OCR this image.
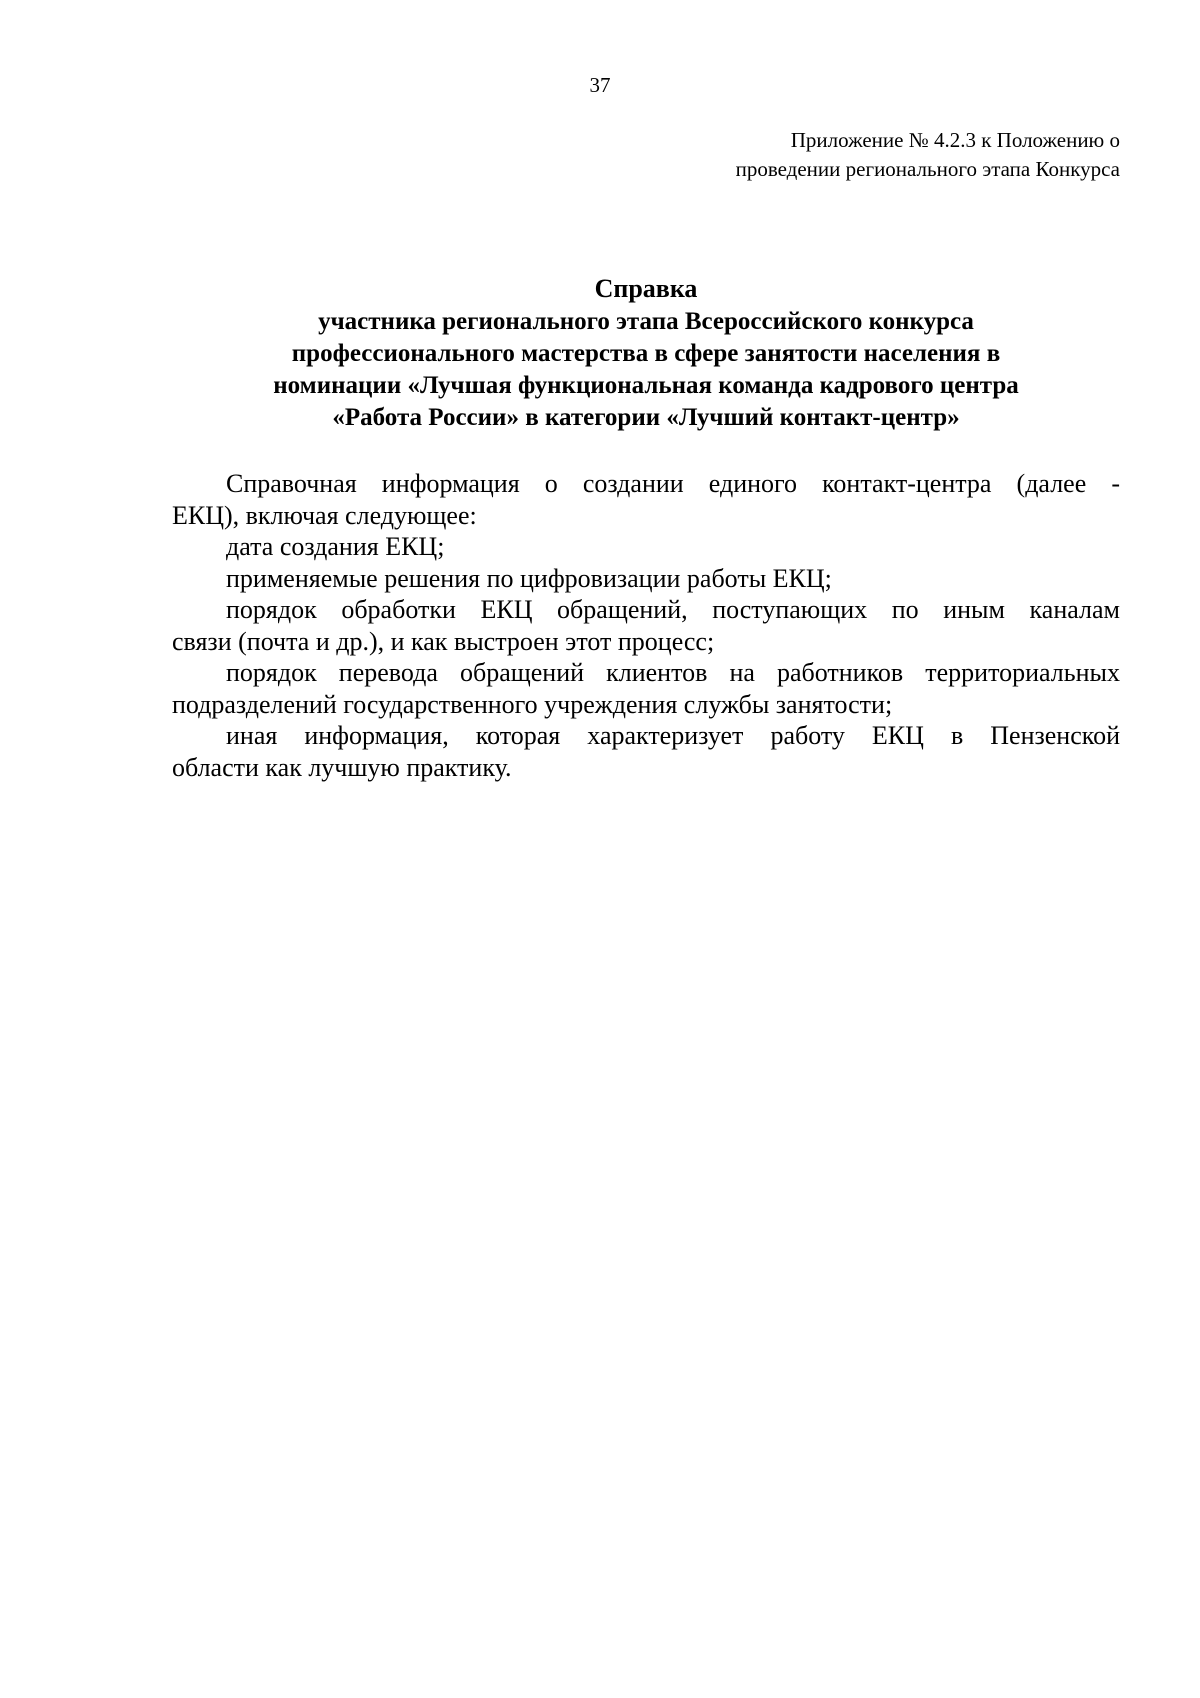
37
Приложение № 4.2.3 к Положению о
проведении регионального этапа Конкурса
Справка
участника регионального этапа Всероссийского конкурса
профессионального мастерства в сфере занятости населения в
номинации «Лучшая функциональная команда кадрового центра
«Работа России» в категории «Лучший контакт-центр»
Справочная информация о создании единого контакт-центра (далее -
ЕКЦ), включая следующее:
дата создания ЕКЦ;
применяемые решения по цифровизации работы ЕКЦ;
порядок обработки ЕКЦ обращений, поступающих по иным каналам
связи (почта и др.), и как выстроен этот процесс;
порядок перевода обращений клиентов на работников территориальных
подразделений государственного учреждения службы занятости;
иная информация, которая характеризует работу ЕКЦ в Пензенской
области как лучшую практику.
